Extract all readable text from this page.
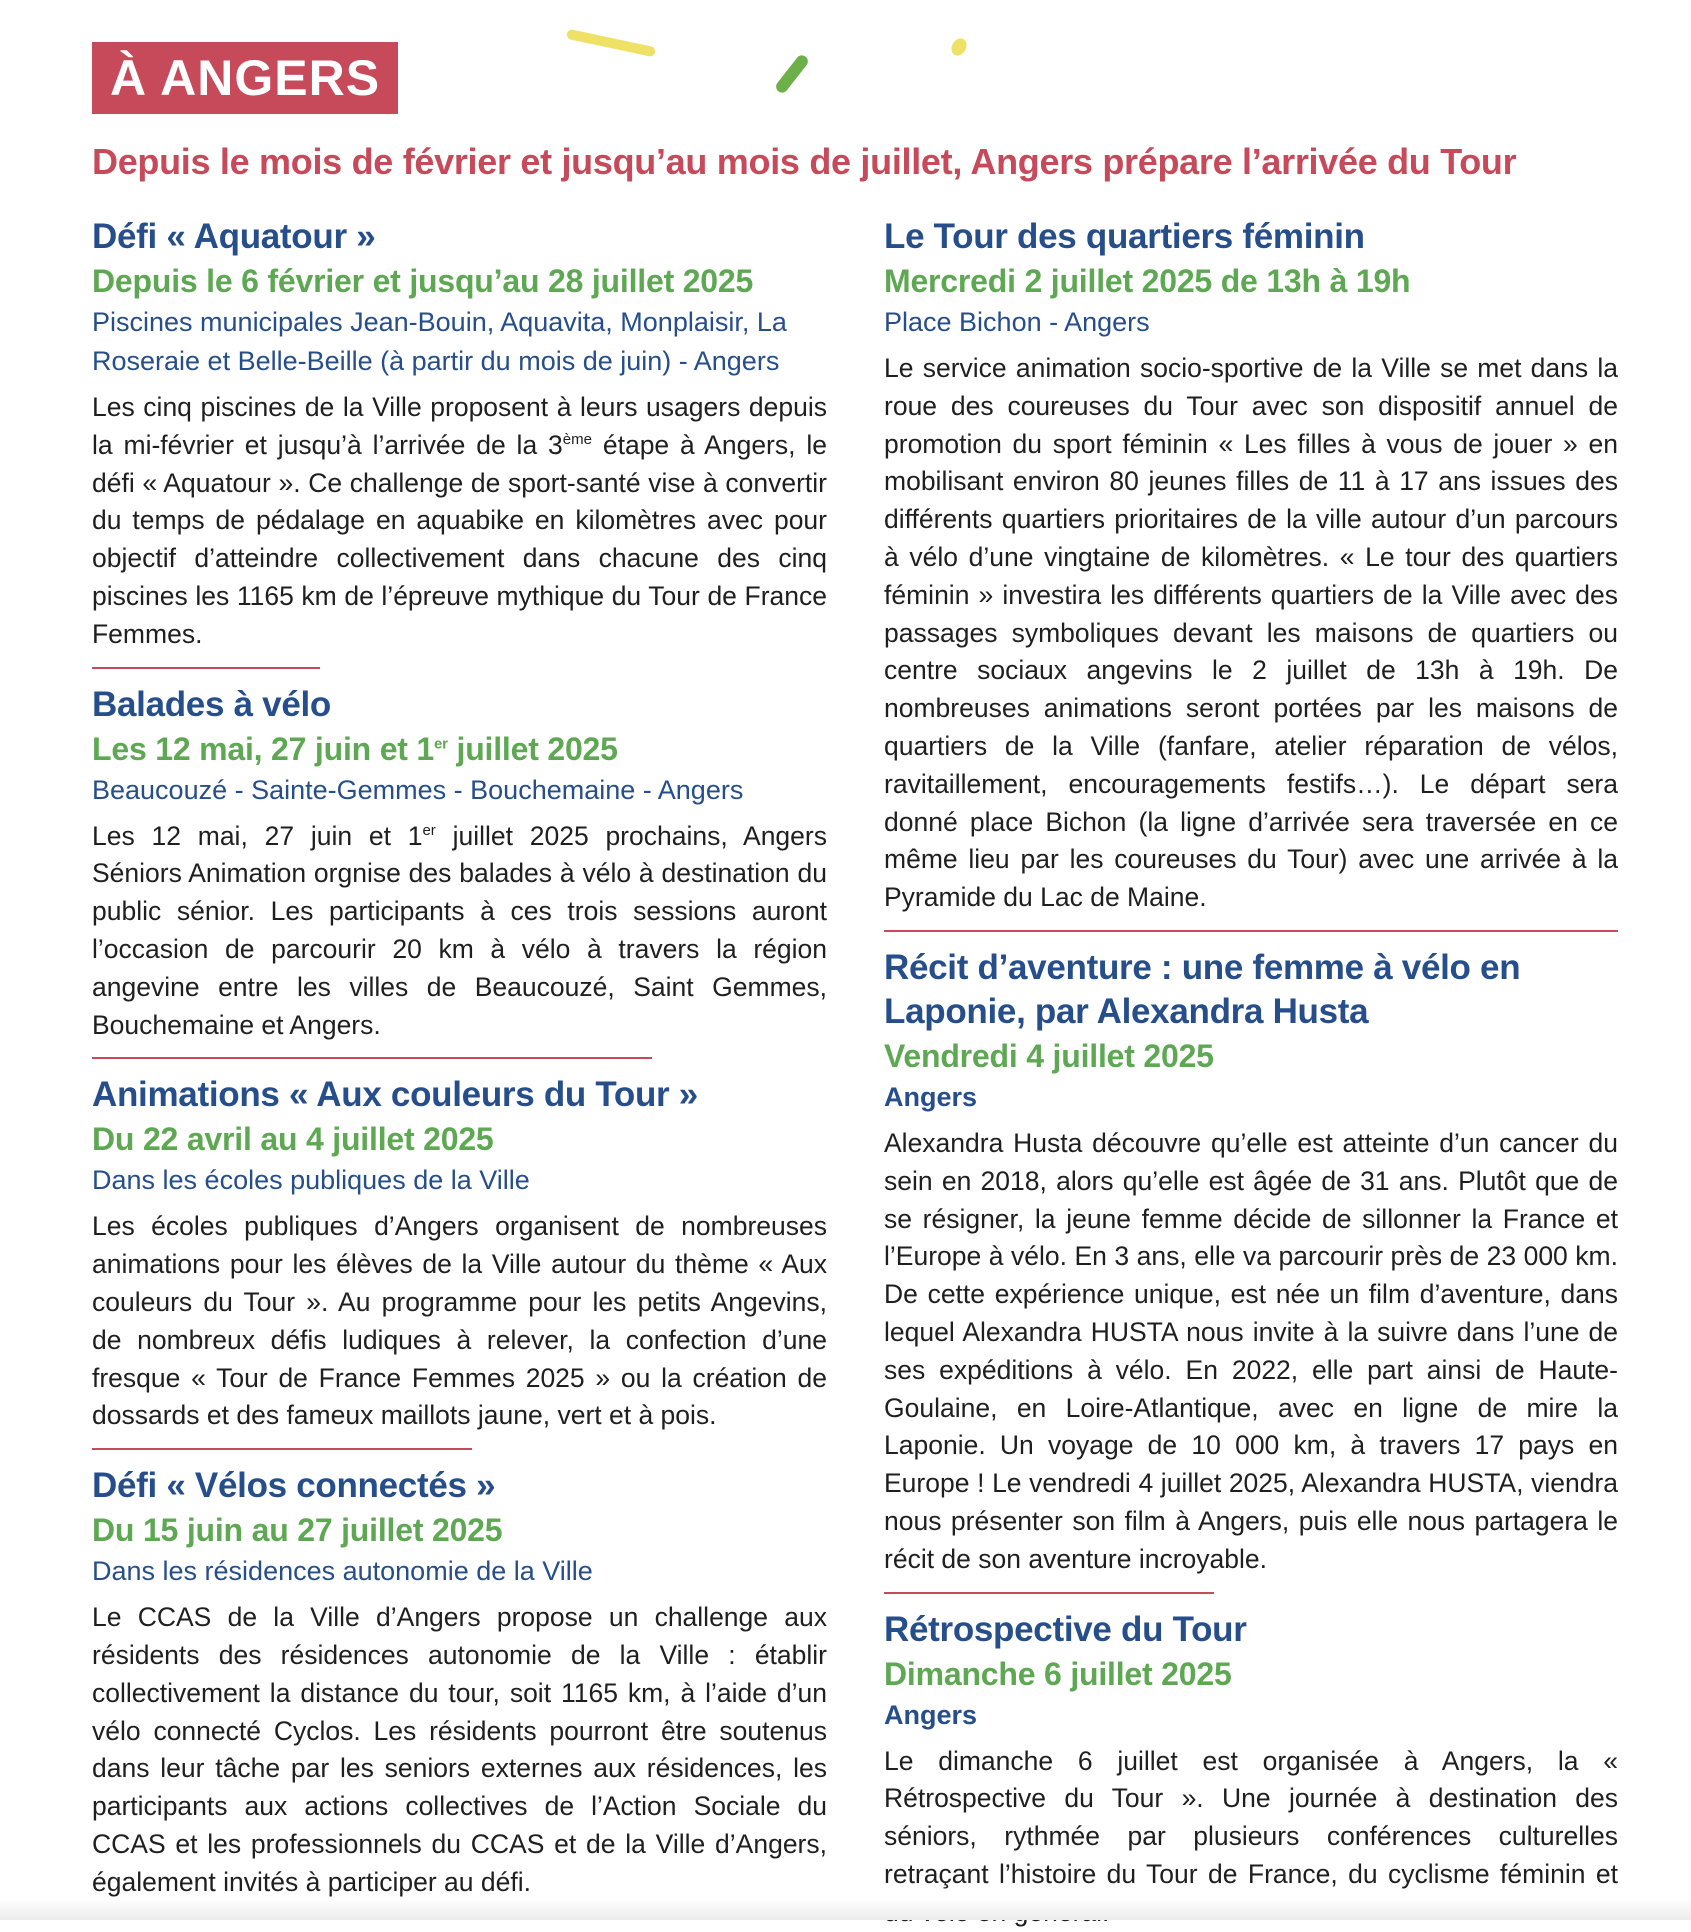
À ANGERS
Depuis le mois de février et jusqu’au mois de juillet, Angers prépare l’arrivée du Tour
Défi « Aquatour »
Depuis le 6 février et jusqu’au 28 juillet 2025
Piscines municipales Jean-Bouin, Aquavita, Monplaisir, La Roseraie et Belle-Beille (à partir du mois de juin) - Angers

Les cinq piscines de la Ville proposent à leurs usagers depuis la mi-février et jusqu’à l’arrivée de la 3ème étape à Angers, le défi « Aquatour ». Ce challenge de sport-santé vise à convertir du temps de pédalage en aquabike en kilomètres avec pour objectif d’atteindre collectivement dans chacune des cinq piscines les 1165 km de l’épreuve mythique du Tour de France Femmes.

Balades à vélo
Les 12 mai, 27 juin et 1er juillet 2025
Beaucouzé - Sainte-Gemmes - Bouchemaine - Angers

Les 12 mai, 27 juin et 1er juillet 2025 prochains, Angers Séniors Animation orgnise des balades à vélo à destination du public sénior. Les participants à ces trois sessions auront l’occasion de parcourir 20 km à vélo à travers la région angevine entre les villes de Beaucouzé, Saint Gemmes, Bouchemaine et Angers.

Animations « Aux couleurs du Tour »
Du 22 avril au 4 juillet 2025
Dans les écoles publiques de la Ville

Les écoles publiques d’Angers organisent de nombreuses animations pour les élèves de la Ville autour du thème « Aux couleurs du Tour ». Au programme pour les petits Angevins, de nombreux défis ludiques à relever, la confection d’une fresque « Tour de France Femmes 2025 » ou la création de dossards et des fameux maillots jaune, vert et à pois.

Défi « Vélos connectés »
Du 15 juin au 27 juillet 2025
Dans les résidences autonomie de la Ville

Le CCAS de la Ville d’Angers propose un challenge aux résidents des résidences autonomie de la Ville : établir collectivement la distance du tour, soit 1165 km, à l’aide d’un vélo connecté Cyclos. Les résidents pourront être soutenus dans leur tâche par les seniors externes aux résidences, les participants aux actions collectives de l’Action Sociale du CCAS et les professionnels du CCAS et de la Ville d’Angers, également invités à participer au défi.

Le Tour des quartiers féminin
Mercredi 2 juillet 2025 de 13h à 19h
Place Bichon - Angers

Le service animation socio-sportive de la Ville se met dans la roue des coureuses du Tour avec son dispositif annuel de promotion du sport féminin « Les filles à vous de jouer » en mobilisant environ 80 jeunes filles de 11 à 17 ans issues des différents quartiers prioritaires de la ville autour d’un parcours à vélo d’une vingtaine de kilomètres. « Le tour des quartiers féminin » investira les différents quartiers de la Ville avec des passages symboliques devant les maisons de quartiers ou centre sociaux angevins le 2 juillet de 13h à 19h. De nombreuses animations seront portées par les maisons de quartiers de la Ville (fanfare, atelier réparation de vélos, ravitaillement, encouragements festifs…). Le départ sera donné place Bichon (la ligne d’arrivée sera traversée en ce même lieu par les coureuses du Tour) avec une arrivée à la Pyramide du Lac de Maine.

Récit d’aventure : une femme à vélo en Laponie, par Alexandra Husta
Vendredi 4 juillet 2025
Angers

Alexandra Husta découvre qu’elle est atteinte d’un cancer du sein en 2018, alors qu’elle est âgée de 31 ans. Plutôt que de se résigner, la jeune femme décide de sillonner la France et l’Europe à vélo. En 3 ans, elle va parcourir près de 23 000 km. De cette expérience unique, est née un film d’aventure, dans lequel Alexandra HUSTA nous invite à la suivre dans l’une de ses expéditions à vélo. En 2022, elle part ainsi de Haute-Goulaine, en Loire-Atlantique, avec en ligne de mire la Laponie. Un voyage de 10 000 km, à travers 17 pays en Europe ! Le vendredi 4 juillet 2025, Alexandra HUSTA, viendra nous présenter son film à Angers, puis elle nous partagera le récit de son aventure incroyable.

Rétrospective du Tour
Dimanche 6 juillet 2025
Angers

Le dimanche 6 juillet est organisée à Angers, la « Rétrospective du Tour ». Une journée à destination des séniors, rythmée par plusieurs conférences culturelles retraçant l’histoire du Tour de France, du cyclisme féminin et
